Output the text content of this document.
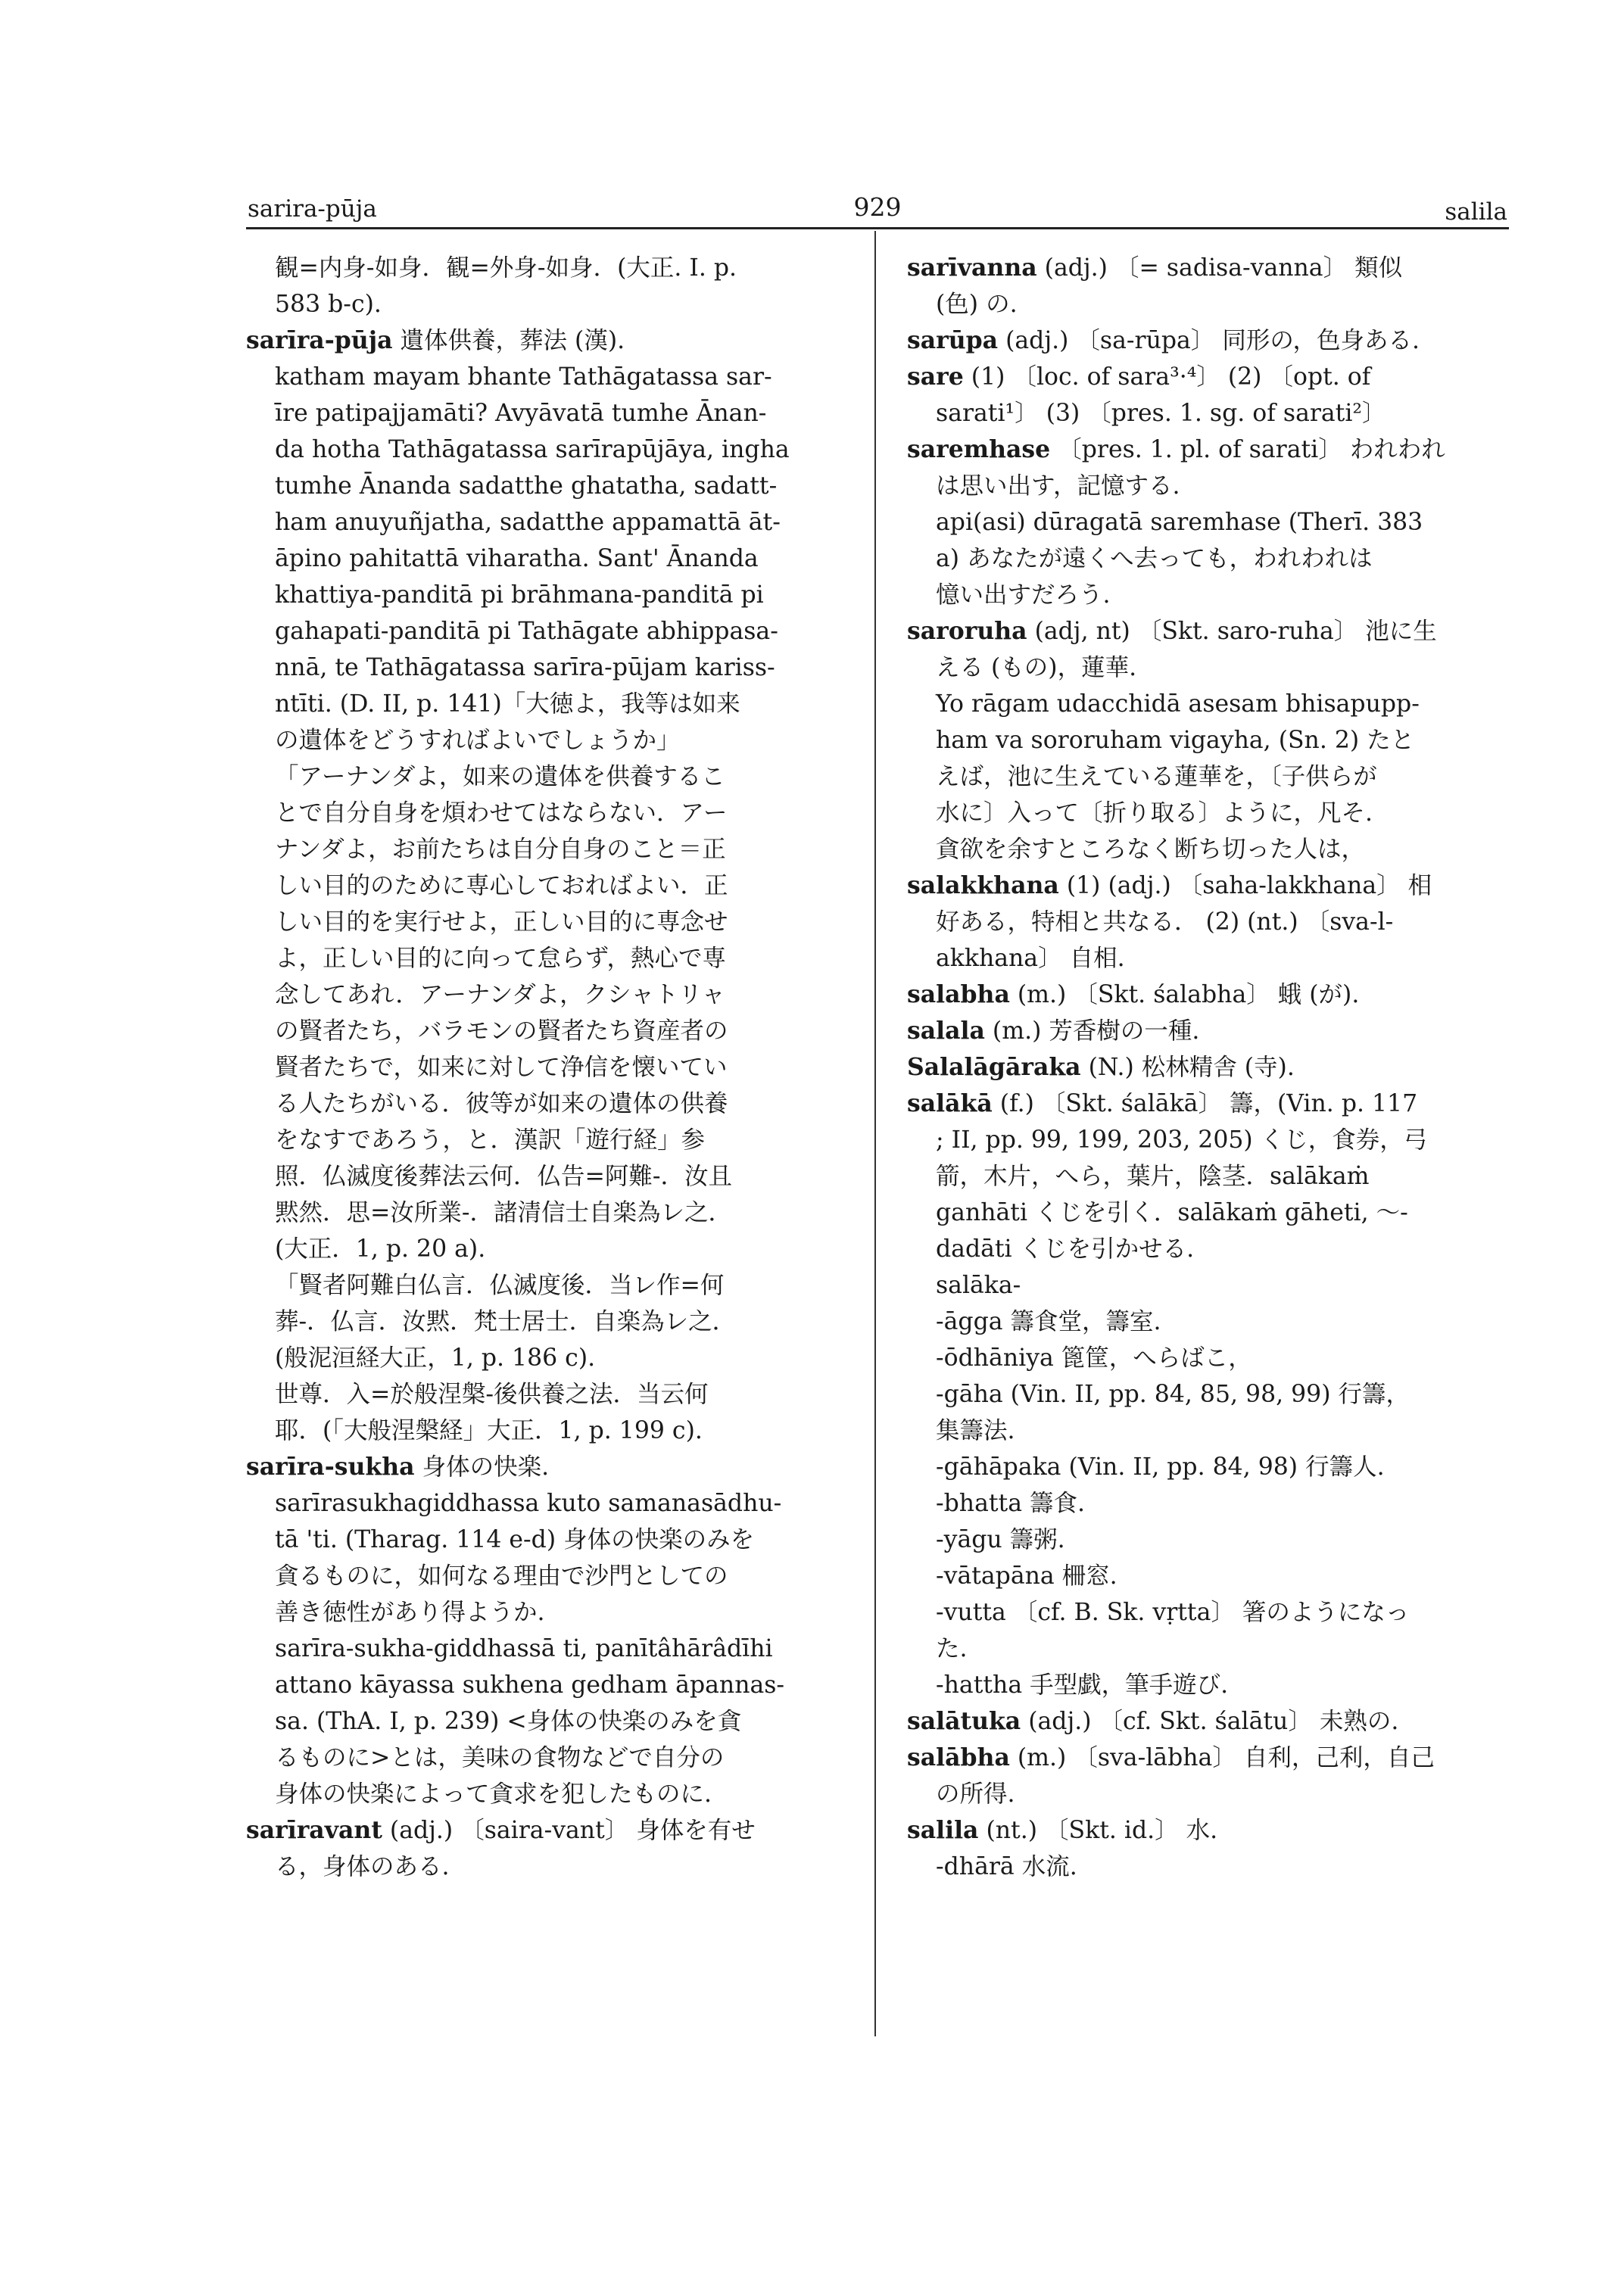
sarira-pūja	929	salila
観=内身-如身．観=外身-如身．(大正. I. p.
583 b-c).
sarīra-pūja 遺体供養，葬法 (漢).
katham mayam bhante Tathāgatassa sar-
īre patipajjamāti? Avyāvatā tumhe Ānan-
da hotha Tathāgatassa sarīrapūjāya, ingha
tumhe Ānanda sadatthe ghatatha, sadatt-
ham anuyuñjatha, sadatthe appamattā āt-
āpino pahitattā viharatha. Sant' Ānanda
khattiya-panditā pi brāhmana-panditā pi
gahapati-panditā pi Tathāgate abhippasa-
nnā, te Tathāgatassa sarīra-pūjam kariss-
ntīti. (D. II, p. 141)「大徳よ，我等は如来
の遺体をどうすればよいでしょうか」
「アーナンダよ，如来の遺体を供養するこ
とで自分自身を煩わせてはならない．アー
ナンダよ，お前たちは自分自身のこと＝正
しい目的のために専心しておればよい．正
しい目的を実行せよ，正しい目的に専念せ
よ，正しい目的に向って怠らず，熱心で専
念してあれ．アーナンダよ，クシャトリャ
の賢者たち，バラモンの賢者たち資産者の
賢者たちで，如来に対して浄信を懐いてい
る人たちがいる．彼等が如来の遺体の供養
をなすであろう，と．漢訳「遊行経」参
照．仏滅度後葬法云何．仏告=阿難-．汝且
黙然．思=汝所業-．諸清信士自楽為レ之．
(大正．1, p. 20 a).
「賢者阿難白仏言．仏滅度後．当レ作=何
葬-．仏言．汝黙．梵士居士．自楽為レ之．
(般泥洹経大正，1, p. 186 c).
世尊．入=於般涅槃-後供養之法．当云何
耶．(「大般涅槃経」大正．1, p. 199 c).
sarīra-sukha 身体の快楽.
sarīrasukhagiddhassa kuto samanasādhu-
tā 'ti. (Tharag. 114 e-d) 身体の快楽のみを
貪るものに，如何なる理由で沙門としての
善き徳性があり得ようか.
sarīra-sukha-giddhassā ti, panītâhārâdīhi
attano kāyassa sukhena gedham āpannas-
sa. (ThA. I, p. 239) <身体の快楽のみを貪
るものに>とは，美味の食物などで自分の
身体の快楽によって貪求を犯したものに.
sarīravant (adj.) 〔saira-vant〕 身体を有せ
る，身体のある.
sarīvanna (adj.) 〔= sadisa-vanna〕 類似
(色) の.
sarūpa (adj.) 〔sa-rūpa〕 同形の，色身ある.
sare (1) 〔loc. of sara³·⁴〕 (2) 〔opt. of
sarati¹〕 (3) 〔pres. 1. sg. of sarati²〕
saremhase 〔pres. 1. pl. of sarati〕 われわれ
は思い出す，記憶する.
api(asi) dūragatā saremhase (Therī. 383
a) あなたが遠くへ去っても，われわれは
憶い出すだろう.
saroruha (adj, nt) 〔Skt. saro-ruha〕 池に生
える (もの)，蓮華.
Yo rāgam udacchidā asesam bhisapupp-
ham va sororuham vigayha, (Sn. 2) たと
えば，池に生えている蓮華を，〔子供らが
水に〕入って〔折り取る〕ように，凡そ.
貪欲を余すところなく断ち切った人は，
salakkhana (1) (adj.) 〔saha-lakkhana〕 相
好ある，特相と共なる． (2) (nt.) 〔sva-l-
akkhana〕 自相.
salabha (m.) 〔Skt. śalabha〕 蛾 (が).
salala (m.) 芳香樹の一種.
Salalāgāraka (N.) 松林精舎 (寺).
salākā (f.) 〔Skt. śalākā〕 籌，(Vin. p. 117
; II, pp. 99, 199, 203, 205) くじ，食券，弓
箭，木片，へら，葉片，陰茎．salākaṁ
ganhāti くじを引く．salākaṁ gāheti, ～-
dadāti くじを引かせる.
salāka-
-āgga 籌食堂，籌室.
-ōdhāniya 篦筐，へらばこ，
-gāha (Vin. II, pp. 84, 85, 98, 99) 行籌，
集籌法.
-gāhāpaka (Vin. II, pp. 84, 98) 行籌人.
-bhatta 籌食.
-yāgu 籌粥.
-vātapāna 柵窓.
-vutta 〔cf. B. Sk. vṛtta〕 箸のようになっ
た.
-hattha 手型戯，筆手遊び.
salātuka (adj.) 〔cf. Skt. śalātu〕 未熟の.
salābha (m.) 〔sva-lābha〕 自利，己利，自己
の所得.
salila (nt.) 〔Skt. id.〕 水.
-dhārā 水流.
